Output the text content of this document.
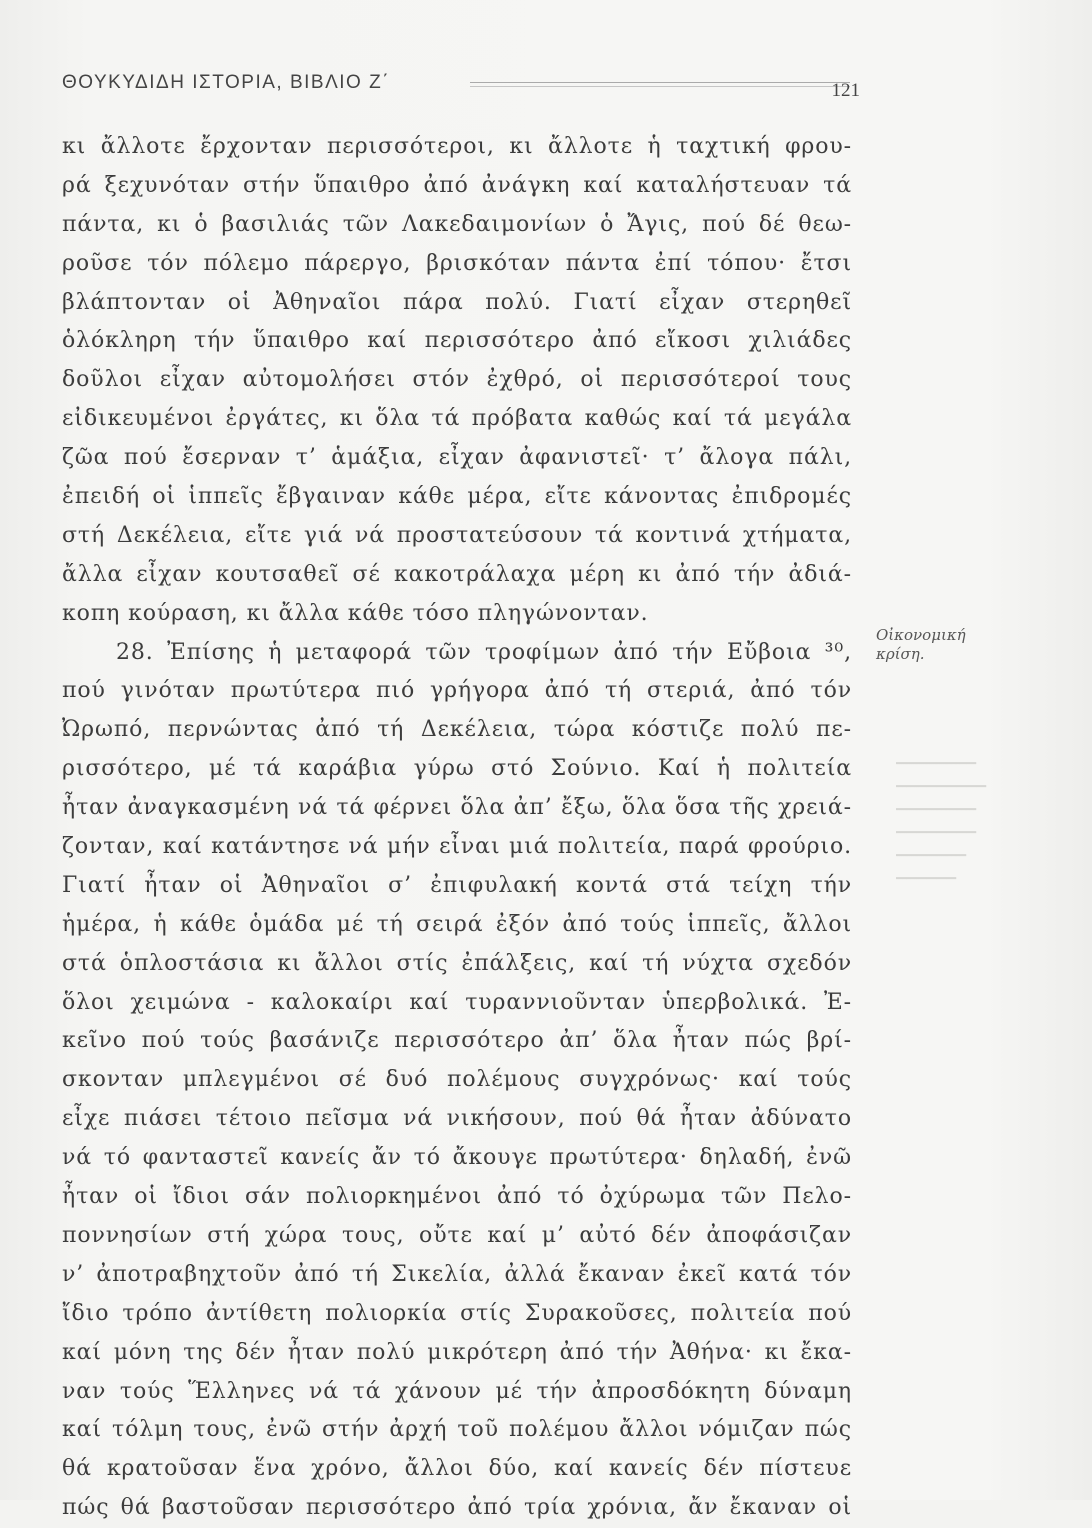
ΘΟΥΚΥΔΙΔΗ ΙΣΤΟΡΙΑ, ΒΙΒΛΙΟ Ζ΄	121
κι ἄλλοτε ἔρχονταν περισσότεροι, κι ἄλλοτε ἡ ταχτική φρου-
ρά ξεχυνόταν στήν ὕπαιθρο ἀπό ἀνάγκη καί καταλήστευαν τά
πάντα, κι ὁ βασιλιάς τῶν Λακεδαιμονίων ὁ Ἄγις, πού δέ θεω-
ροῦσε τόν πόλεμο πάρεργο, βρισκόταν πάντα ἐπί τόπου· ἔτσι
βλάπτονταν οἱ Ἀθηναῖοι πάρα πολύ. Γιατί εἶχαν στερηθεῖ
ὁλόκληρη τήν ὕπαιθρο καί περισσότερο ἀπό εἴκοσι χιλιάδες
δοῦλοι εἶχαν αὐτομολήσει στόν ἐχθρό, οἱ περισσότεροί τους
εἰδικευμένοι ἐργάτες, κι ὅλα τά πρόβατα καθώς καί τά μεγάλα
ζῶα πού ἔσερναν τ’ ἁμάξια, εἶχαν ἀφανιστεῖ· τ’ ἄλογα πάλι,
ἐπειδή οἱ ἱππεῖς ἔβγαιναν κάθε μέρα, εἴτε κάνοντας ἐπιδρομές
στή Δεκέλεια, εἴτε γιά νά προστατεύσουν τά κοντινά χτήματα,
ἄλλα εἶχαν κουτσαθεῖ σέ κακοτράλαχα μέρη κι ἀπό τήν ἀδιά-
κοπη κούραση, κι ἄλλα κάθε τόσο πληγώνονταν.
28. Ἐπίσης ἡ μεταφορά τῶν τροφίμων ἀπό τήν Εὔβοια ³⁰,
πού γινόταν πρωτύτερα πιό γρήγορα ἀπό τή στεριά, ἀπό τόν
Ὠρωπό, περνώντας ἀπό τή Δεκέλεια, τώρα κόστιζε πολύ πε-
ρισσότερο, μέ τά καράβια γύρω στό Σούνιο. Καί ἡ πολιτεία
ἦταν ἀναγκασμένη νά τά φέρνει ὅλα ἀπ’ ἔξω, ὅλα ὅσα τῆς χρειά-
ζονταν, καί κατάντησε νά μήν εἶναι μιά πολιτεία, παρά φρούριο.
Γιατί ἦταν οἱ Ἀθηναῖοι σ’ ἐπιφυλακή κοντά στά τείχη τήν
ἡμέρα, ἡ κάθε ὁμάδα μέ τή σειρά ἐξόν ἀπό τούς ἱππεῖς, ἄλλοι
στά ὁπλοστάσια κι ἄλλοι στίς ἐπάλξεις, καί τή νύχτα σχεδόν
ὅλοι χειμώνα - καλοκαίρι καί τυραννιοῦνταν ὑπερβολικά. Ἐ-
κεῖνο πού τούς βασάνιζε περισσότερο ἀπ’ ὅλα ἦταν πώς βρί-
σκονταν μπλεγμένοι σέ δυό πολέμους συγχρόνως· καί τούς
εἶχε πιάσει τέτοιο πεῖσμα νά νικήσουν, πού θά ἦταν ἀδύνατο
νά τό φανταστεῖ κανείς ἄν τό ἄκουγε πρωτύτερα· δηλαδή, ἐνῶ
ἦταν οἱ ἴδιοι σάν πολιορκημένοι ἀπό τό ὀχύρωμα τῶν Πελο-
ποννησίων στή χώρα τους, οὔτε καί μ’ αὐτό δέν ἀποφάσιζαν
ν’ ἀποτραβηχτοῦν ἀπό τή Σικελία, ἀλλά ἔκαναν ἐκεῖ κατά τόν
ἴδιο τρόπο ἀντίθετη πολιορκία στίς Συρακοῦσες, πολιτεία πού
καί μόνη της δέν ἦταν πολύ μικρότερη ἀπό τήν Ἀθήνα· κι ἔκα-
ναν τούς Ἕλληνες νά τά χάνουν μέ τήν ἀπροσδόκητη δύναμη
καί τόλμη τους, ἐνῶ στήν ἀρχή τοῦ πολέμου ἄλλοι νόμιζαν πώς
θά κρατοῦσαν ἕνα χρόνο, ἄλλοι δύο, καί κανείς δέν πίστευε
πώς θά βαστοῦσαν περισσότερο ἀπό τρία χρόνια, ἄν ἔκαναν οἱ
Οἰκονομική κρίση.
▁▁▁▁▁▁▁▁
▁▁▁▁▁▁▁▁▁
▁▁▁▁▁▁▁▁
▁▁▁▁▁▁▁▁
▁▁▁▁▁▁▁
▁▁▁▁▁▁
